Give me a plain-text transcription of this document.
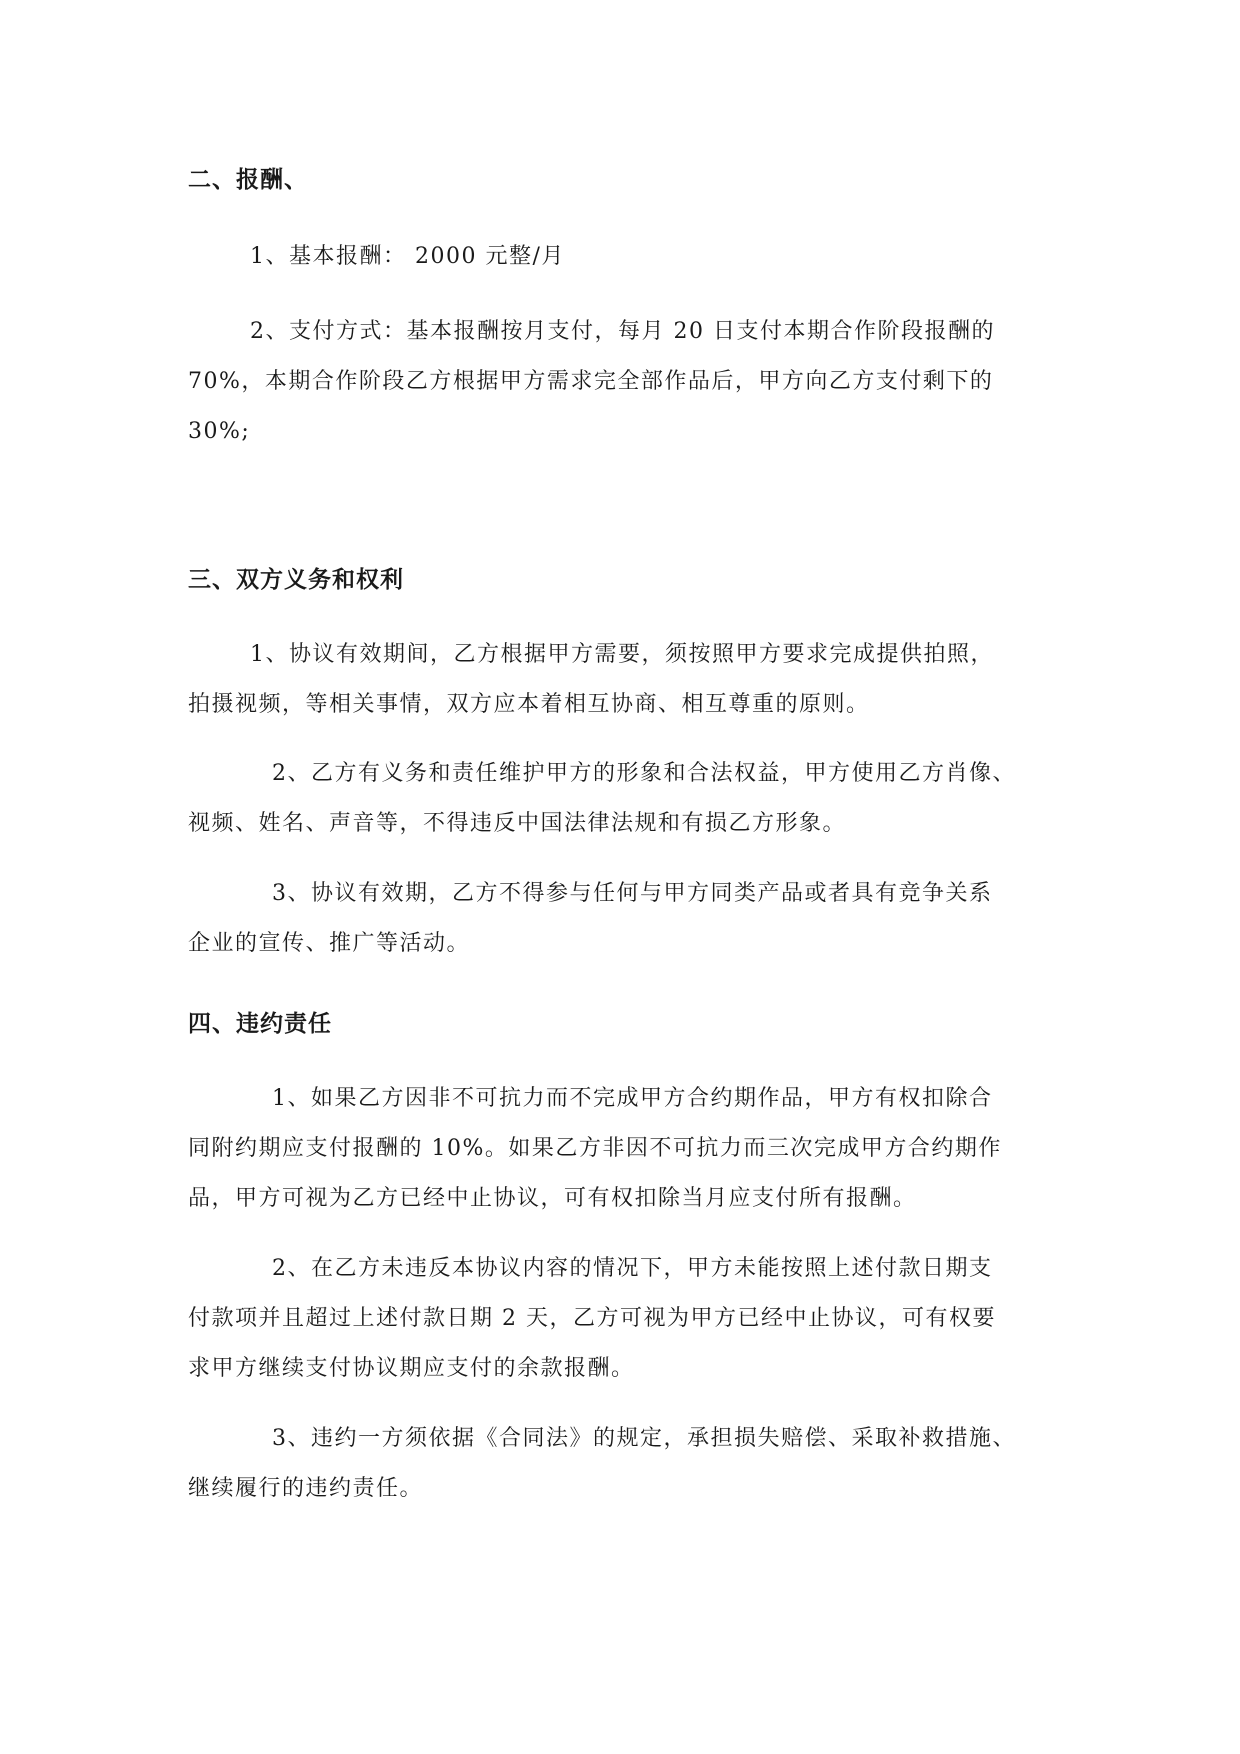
二、报酬、
1、基本报酬： 2000 元整/月
2、支付方式：基本报酬按月支付，每月 20 日支付本期合作阶段报酬的
70%，本期合作阶段乙方根据甲方需求完全部作品后，甲方向乙方支付剩下的
30%;
三、双方义务和权利
1、协议有效期间，乙方根据甲方需要，须按照甲方要求完成提供拍照，
拍摄视频，等相关事情，双方应本着相互协商、相互尊重的原则。
2、乙方有义务和责任维护甲方的形象和合法权益，甲方使用乙方肖像、
视频、姓名、声音等，不得违反中国法律法规和有损乙方形象。
3、协议有效期，乙方不得参与任何与甲方同类产品或者具有竞争关系
企业的宣传、推广等活动。
四、违约责任
1、如果乙方因非不可抗力而不完成甲方合约期作品，甲方有权扣除合
同附约期应支付报酬的 10%。如果乙方非因不可抗力而三次完成甲方合约期作
品，甲方可视为乙方已经中止协议，可有权扣除当月应支付所有报酬。
2、在乙方未违反本协议内容的情况下，甲方未能按照上述付款日期支
付款项并且超过上述付款日期 2 天，乙方可视为甲方已经中止协议，可有权要
求甲方继续支付协议期应支付的余款报酬。
3、违约一方须依据《合同法》的规定，承担损失赔偿、采取补救措施、
继续履行的违约责任。
